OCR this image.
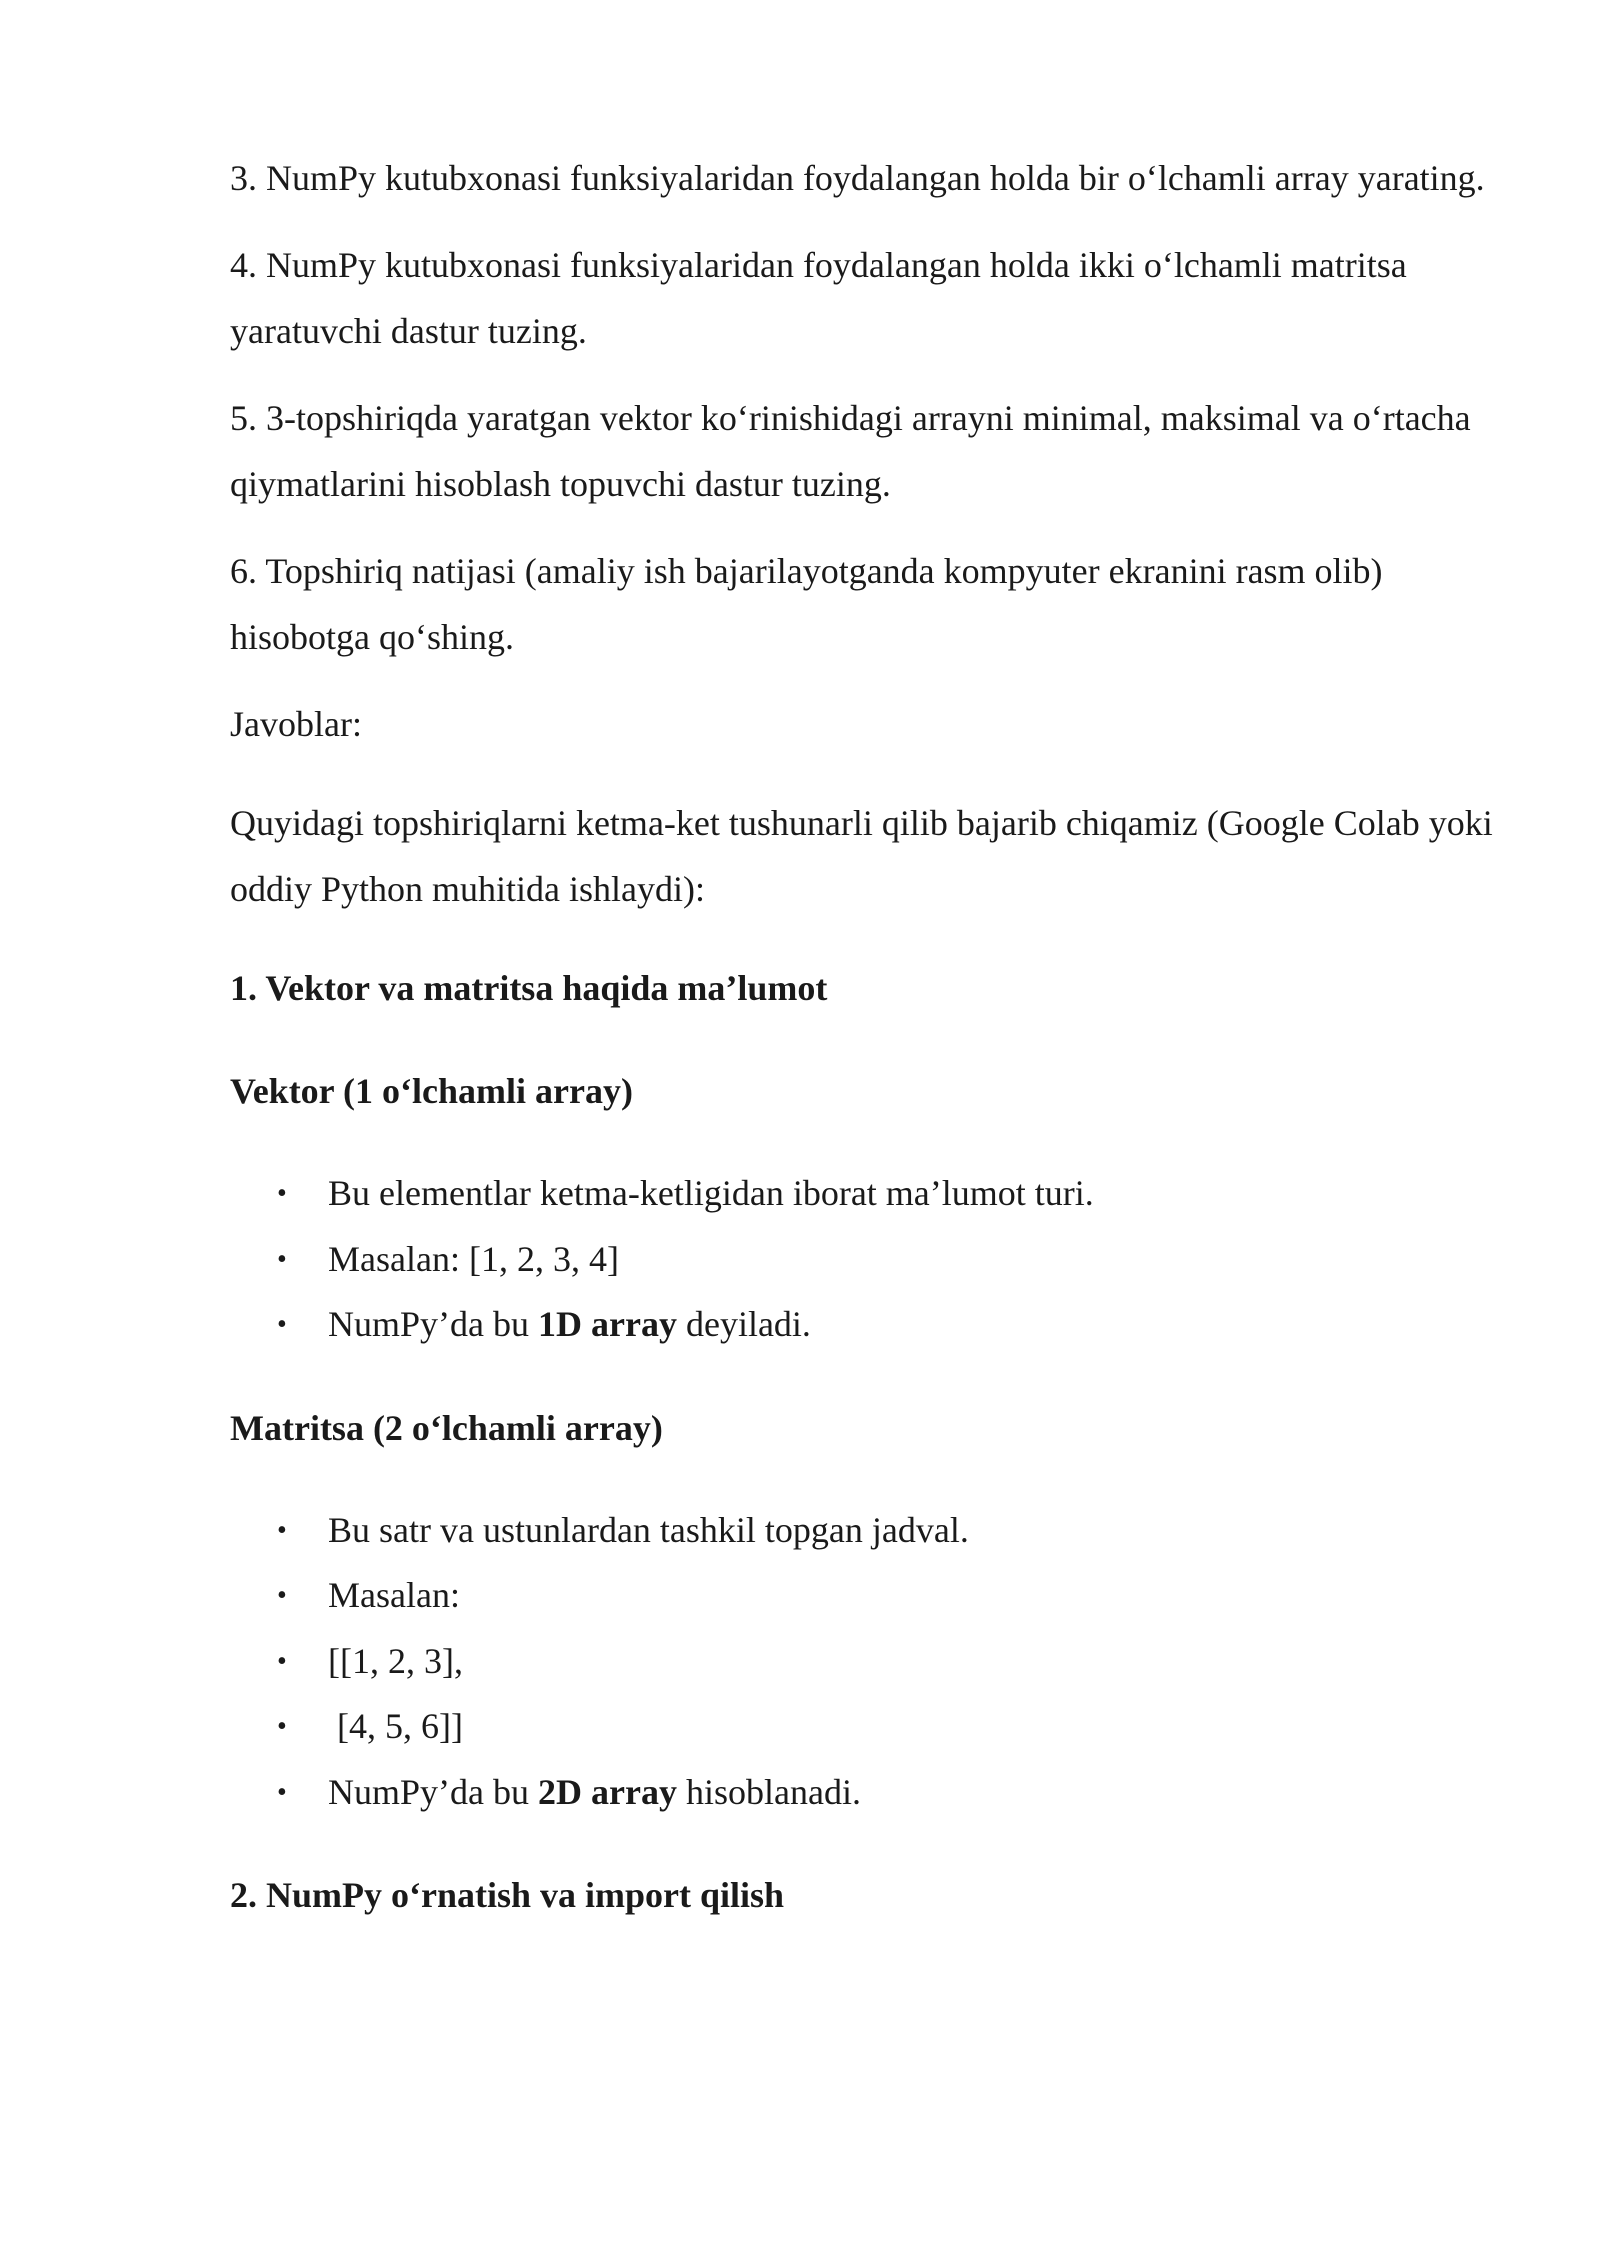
3. NumPy kutubxonasi funksiyalaridan foydalangan holda bir o‘lchamli array yarating.

4. NumPy kutubxonasi funksiyalaridan foydalangan holda ikki o‘lchamli matritsa yaratuvchi dastur tuzing.

5. 3-topshiriqda yaratgan vektor ko‘rinishidagi arrayni minimal, maksimal va o‘rtacha qiymatlarini hisoblash topuvchi dastur tuzing.

6. Topshiriq natijasi (amaliy ish bajarilayotganda kompyuter ekranini rasm olib) hisobotga qo‘shing.

Javoblar:

Quyidagi topshiriqlarni ketma-ket tushunarli qilib bajarib chiqamiz (Google Colab yoki oddiy Python muhitida ishlaydi):

1. Vektor va matritsa haqida ma’lumot

Vektor (1 o‘lchamli array)

• Bu elementlar ketma-ketligidan iborat ma’lumot turi.
• Masalan: [1, 2, 3, 4]
• NumPy’da bu 1D array deyiladi.

Matritsa (2 o‘lchamli array)

• Bu satr va ustunlardan tashkil topgan jadval.
• Masalan:
• [[1, 2, 3],
• [4, 5, 6]]
• NumPy’da bu 2D array hisoblanadi.

2. NumPy o‘rnatish va import qilish
